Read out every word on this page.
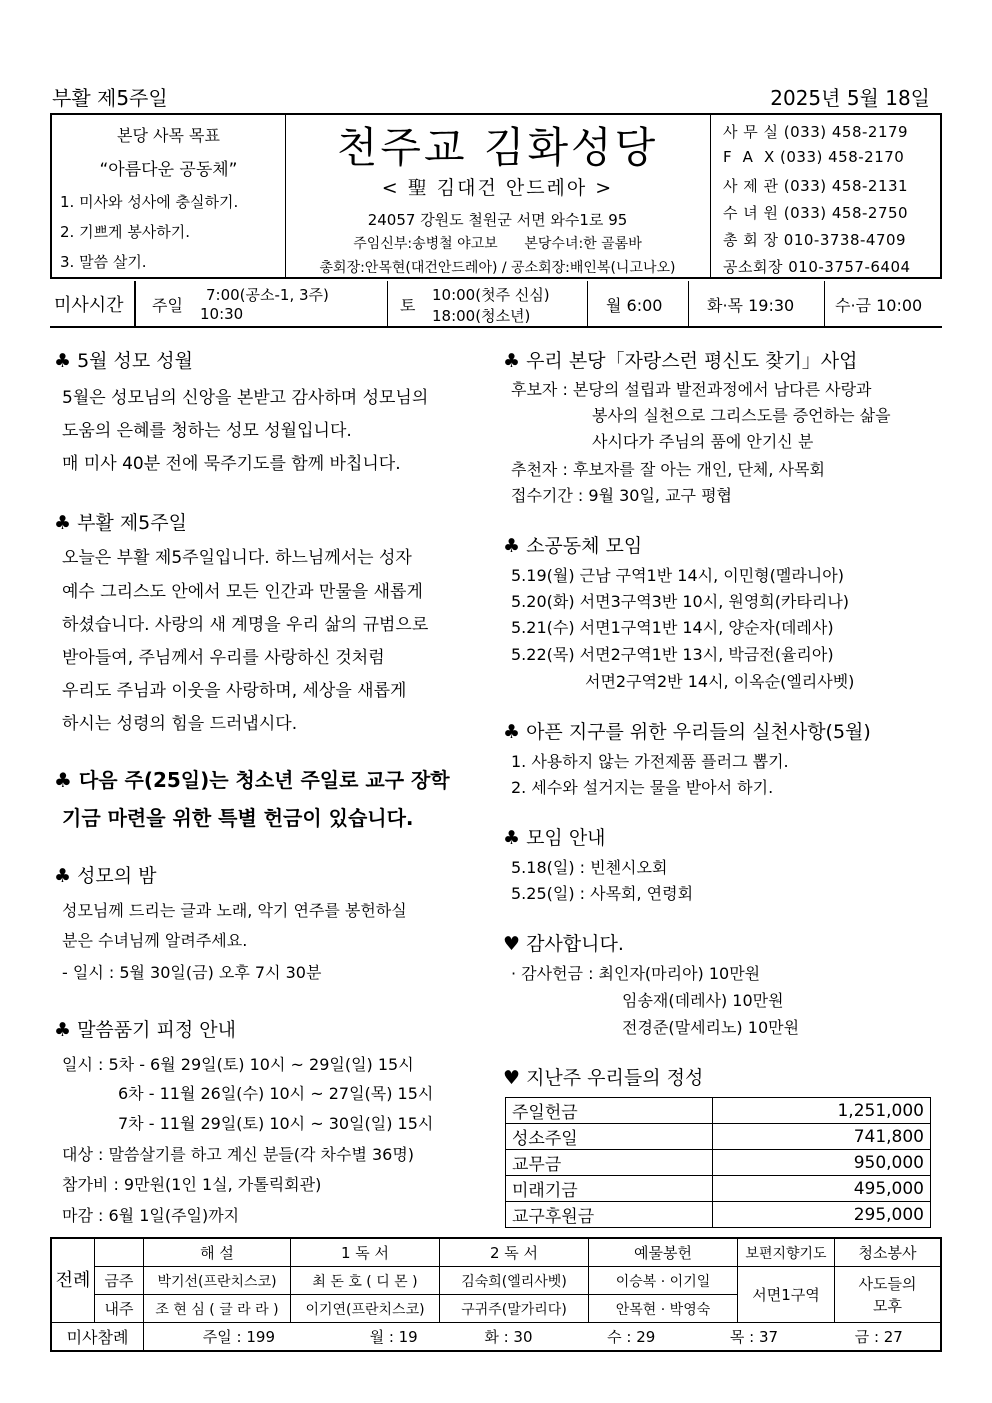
부활 제5주일	2025년 5월 18일
본당 사목 목표
“아름다운 공동체”
1. 미사와 성사에 충실하기.
2. 기쁘게 봉사하기.
3. 말씀 살기.
천주교 김화성당
< 聖 김대건 안드레아 >
24057 강원도 철원군 서면 와수1로 95
주임신부:송병철 야고보      본당수녀:한 골롬바
총회장:안목현(대건안드레아) / 공소회장:배인복(니고나오)
사 무 실 (033) 458-2179
F  A  X (033) 458-2170
사 제 관 (033) 458-2131
수 녀 원 (033) 458-2750
총 회 장 010-3738-4709
공소회장 010-3757-6404
미사시간 주일
7:00(공소-1, 3주)
10:30	토
10:00(첫주 신심)
18:00(청소년)
월 6:00	화·목 19:30	수·금 10:00
♣ 5월 성모 성월
5월은 성모님의 신앙을 본받고 감사하며 성모님의
도움의 은혜를 청하는 성모 성월입니다.
매 미사 40분 전에 묵주기도를 함께 바칩니다.
♣ 부활 제5주일
오늘은 부활 제5주일입니다. 하느님께서는 성자
예수 그리스도 안에서 모든 인간과 만물을 새롭게
하셨습니다. 사랑의 새 계명을 우리 삶의 규범으로
받아들여, 주님께서 우리를 사랑하신 것처럼
우리도 주님과 이웃을 사랑하며, 세상을 새롭게
하시는 성령의 힘을 드러냅시다.
♣ 다음 주(25일)는 청소년 주일로 교구 장학
기금 마련을 위한 특별 헌금이 있습니다.
♣ 성모의 밤
성모님께 드리는 글과 노래, 악기 연주를 봉헌하실
분은 수녀님께 알려주세요.
- 일시 : 5월 30일(금) 오후 7시 30분
♣ 말씀품기 피정 안내
일시 : 5차 - 6월 29일(토) 10시 ~ 29일(일) 15시
6차 - 11월 26일(수) 10시 ~ 27일(목) 15시
7차 - 11월 29일(토) 10시 ~ 30일(일) 15시
대상 : 말씀살기를 하고 계신 분들(각 차수별 36명)
참가비 : 9만원(1인 1실, 가톨릭회관)
마감 : 6월 1일(주일)까지
♣ 우리 본당「자랑스런 평신도 찾기」사업
후보자 : 본당의 설립과 발전과정에서 남다른 사랑과
봉사의 실천으로 그리스도를 증언하는 삶을
사시다가 주님의 품에 안기신 분
추천자 : 후보자를 잘 아는 개인, 단체, 사목회
접수기간 : 9월 30일, 교구 평협
♣ 소공동체 모임
5.19(월) 근남 구역1반 14시, 이민형(멜라니아)
5.20(화) 서면3구역3반 10시, 원영희(카타리나)
5.21(수) 서면1구역1반 14시, 양순자(데레사)
5.22(목) 서면2구역1반 13시, 박금전(율리아)
서면2구역2반 14시, 이옥순(엘리사벳)
♣ 아픈 지구를 위한 우리들의 실천사항(5월)
1. 사용하지 않는 가전제품 플러그 뽑기.
2. 세수와 설거지는 물을 받아서 하기.
♣ 모임 안내
5.18(일) : 빈첸시오회
5.25(일) : 사목회, 연령회
♥ 감사합니다.
· 감사헌금 : 최인자(마리아) 10만원
임송재(데레사) 10만원
전경준(말세리노) 10만원
♥ 지난주 우리들의 정성
주일헌금	1,251,000
성소주일	741,800
교무금	950,000
미래기금	495,000
교구후원금	295,000
전례		해 설	1 독 서	2 독 서	예물봉헌	보편지향기도	청소봉사
	금주	박기선(프란치스코)	최 돈 호 ( 디 몬 )	김숙희(엘리사벳)	이승복 · 이기일	서면1구역	사도들의 모후
	내주	조 현 심 ( 글 라 라 )	이기연(프란치스코)	구귀주(말가리다)	안목현 · 박영숙		
미사참례		주일 : 199 월 : 19 화 : 30 수 : 29 목 : 37 금 : 27					
